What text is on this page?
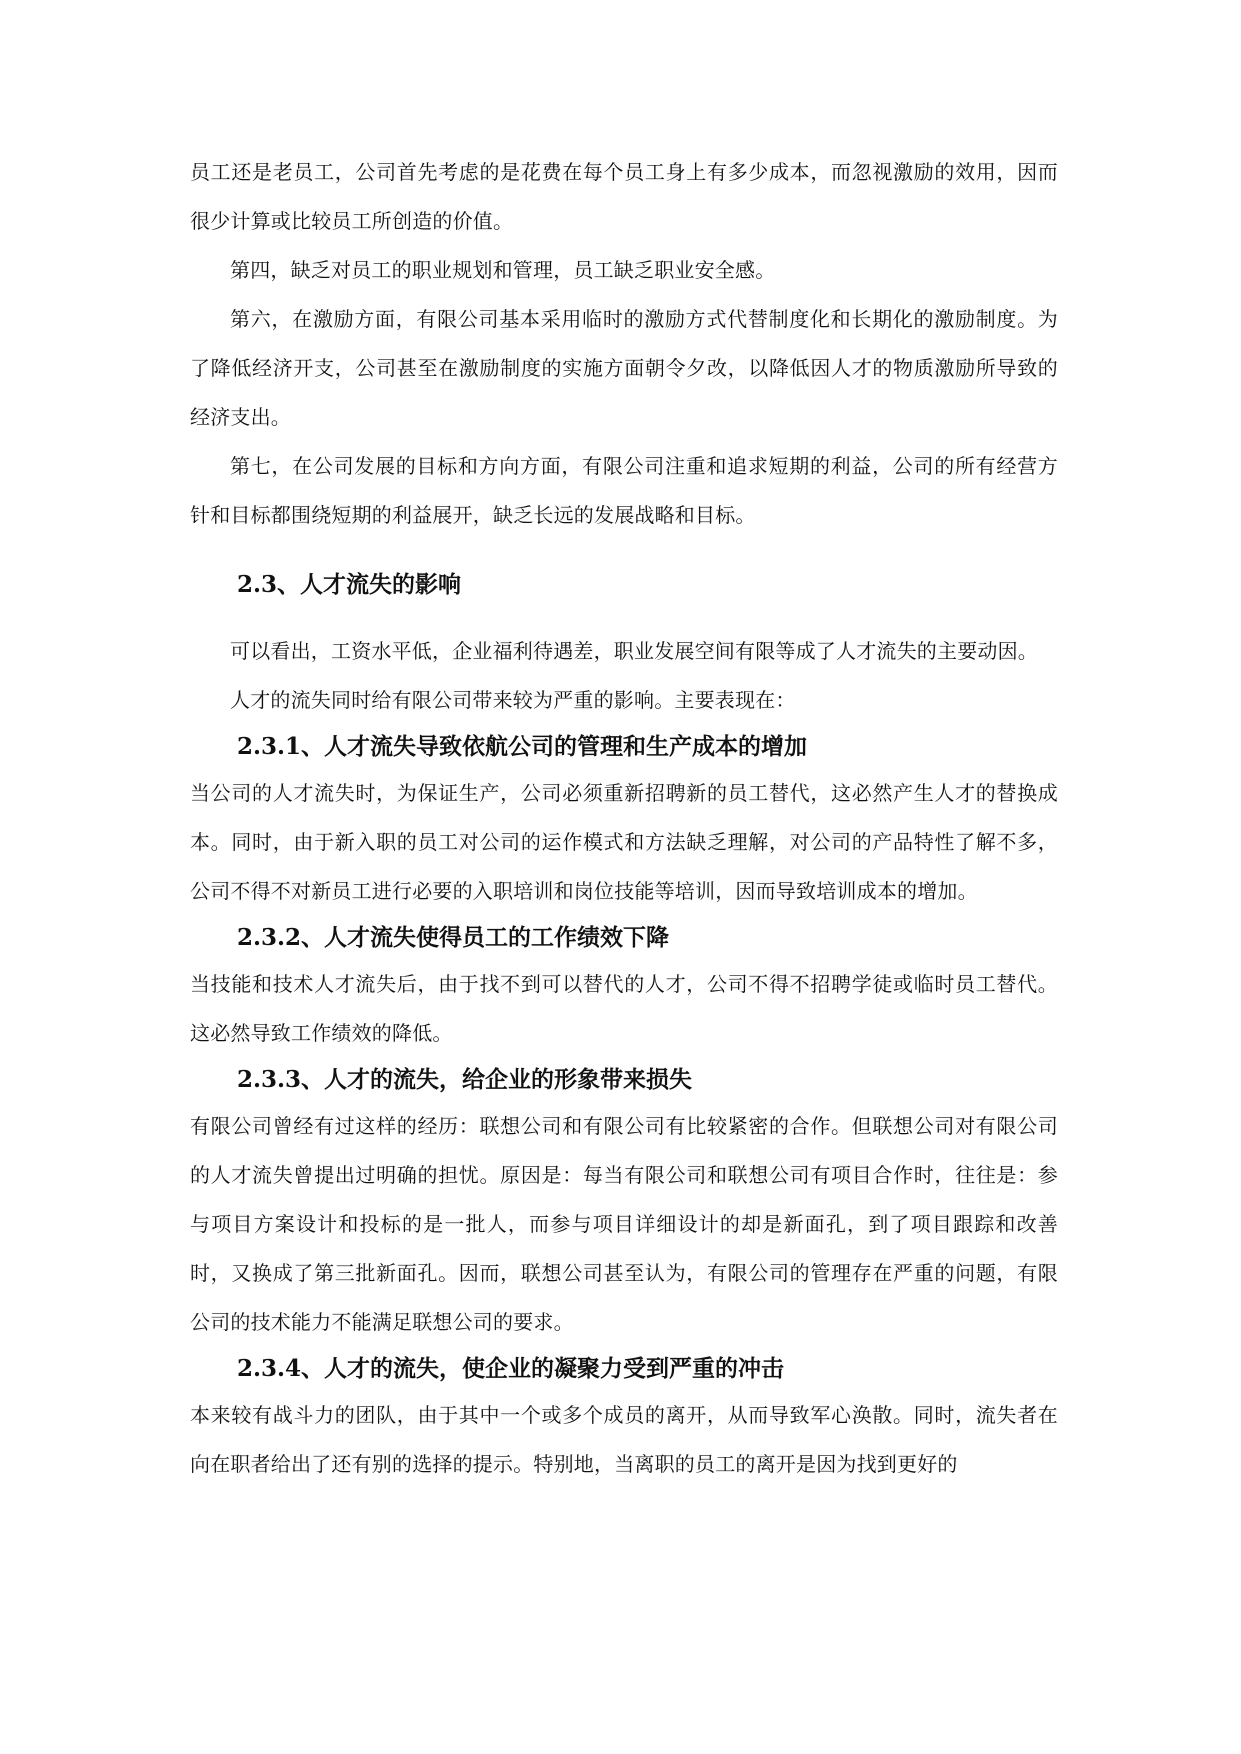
员工还是老员工，公司首先考虑的是花费在每个员工身上有多少成本，而忽视激励的效用，因而很少计算或比较员工所创造的价值。

第四，缺乏对员工的职业规划和管理，员工缺乏职业安全感。

第六，在激励方面，有限公司基本采用临时的激励方式代替制度化和长期化的激励制度。为了降低经济开支，公司甚至在激励制度的实施方面朝令夕改，以降低因人才的物质激励所导致的经济支出。

第七，在公司发展的目标和方向方面，有限公司注重和追求短期的利益，公司的所有经营方针和目标都围绕短期的利益展开，缺乏长远的发展战略和目标。

2.3、人才流失的影响

可以看出，工资水平低，企业福利待遇差，职业发展空间有限等成了人才流失的主要动因。

人才的流失同时给有限公司带来较为严重的影响。主要表现在：

2.3.1、人才流失导致依航公司的管理和生产成本的增加

当公司的人才流失时，为保证生产，公司必须重新招聘新的员工替代，这必然产生人才的替换成本。同时，由于新入职的员工对公司的运作模式和方法缺乏理解，对公司的产品特性了解不多，公司不得不对新员工进行必要的入职培训和岗位技能等培训，因而导致培训成本的增加。

2.3.2、人才流失使得员工的工作绩效下降

当技能和技术人才流失后，由于找不到可以替代的人才，公司不得不招聘学徒或临时员工替代。这必然导致工作绩效的降低。

2.3.3、人才的流失，给企业的形象带来损失

有限公司曾经有过这样的经历：联想公司和有限公司有比较紧密的合作。但联想公司对有限公司的人才流失曾提出过明确的担忧。原因是：每当有限公司和联想公司有项目合作时，往往是：参与项目方案设计和投标的是一批人，而参与项目详细设计的却是新面孔，到了项目跟踪和改善时，又换成了第三批新面孔。因而，联想公司甚至认为，有限公司的管理存在严重的问题，有限公司的技术能力不能满足联想公司的要求。

2.3.4、人才的流失，使企业的凝聚力受到严重的冲击

本来较有战斗力的团队，由于其中一个或多个成员的离开，从而导致军心涣散。同时，流失者在向在职者给出了还有别的选择的提示。特别地，当离职的员工的离开是因为找到更好的
